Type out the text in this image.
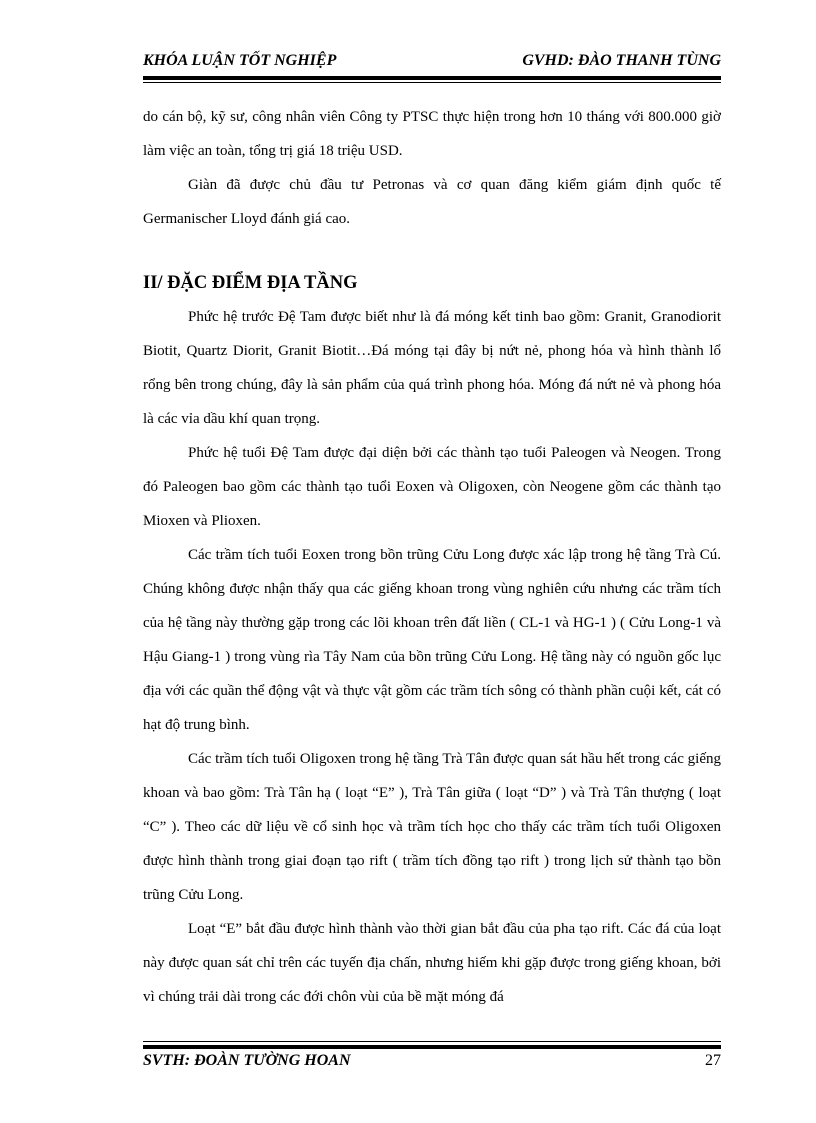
KHÓA LUẬN TỐT NGHIỆP	GVHD: ĐÀO THANH TÙNG

do cán bộ, kỹ sư, công nhân viên Công ty PTSC thực hiện trong hơn 10 tháng với 800.000 giờ làm việc an toàn, tổng trị giá 18 triệu USD.

Giàn đã được chủ đầu tư Petronas và cơ quan đăng kiểm giám định quốc tế Germanischer Lloyd đánh giá cao.

II/ ĐẶC ĐIỂM ĐỊA TẦNG

Phức hệ trước Đệ Tam được biết như là đá móng kết tinh bao gồm: Granit, Granodiorit Biotit, Quartz Diorit, Granit Biotit…Đá móng tại đây bị nứt nẻ, phong hóa và hình thành lổ rổng bên trong chúng, đây là sản phẩm của quá trình phong hóa. Móng đá nứt nẻ và phong hóa là các vỉa dầu khí quan trọng.

Phức hệ tuổi Đệ Tam được đại diện bởi các thành tạo tuổi Paleogen và Neogen. Trong đó Paleogen bao gồm các thành tạo tuổi Eoxen và Oligoxen, còn Neogene gồm các thành tạo Mioxen và Plioxen.

Các trầm tích tuổi Eoxen trong bồn trũng Cửu Long được xác lập trong hệ tầng Trà Cú. Chúng không được nhận thấy qua các giếng khoan trong vùng nghiên cứu nhưng các trầm tích của hệ tầng này thường gặp trong các lõi khoan trên đất liền ( CL-1 và HG-1 ) ( Cửu Long-1 và Hậu Giang-1 ) trong vùng rìa Tây Nam của bồn trũng Cửu Long. Hệ tầng này có nguồn gốc lục địa với các quần thể động vật và thực vật gồm các trầm tích sông có thành phần cuội kết, cát có hạt độ trung bình.

Các trầm tích tuổi Oligoxen trong hệ tầng Trà Tân được quan sát hầu hết trong các giếng khoan và bao gồm: Trà Tân hạ ( loạt “E” ), Trà Tân giữa ( loạt “D” ) và Trà Tân thượng ( loạt “C” ). Theo các dữ liệu về cổ sinh học và trầm tích học cho thấy các trầm tích tuổi Oligoxen được hình thành trong giai đoạn tạo rift ( trầm tích đồng tạo rift ) trong lịch sử thành tạo bồn trũng Cửu Long.

Loạt “E” bắt đầu được hình thành vào thời gian bắt đầu của pha tạo rift. Các đá của loạt này được quan sát chỉ trên các tuyến địa chấn, nhưng hiếm khi gặp được trong giếng khoan, bởi vì chúng trải dài trong các đới chôn vùi của bề mặt móng đá

SVTH: ĐOÀN TƯỜNG HOAN	27
